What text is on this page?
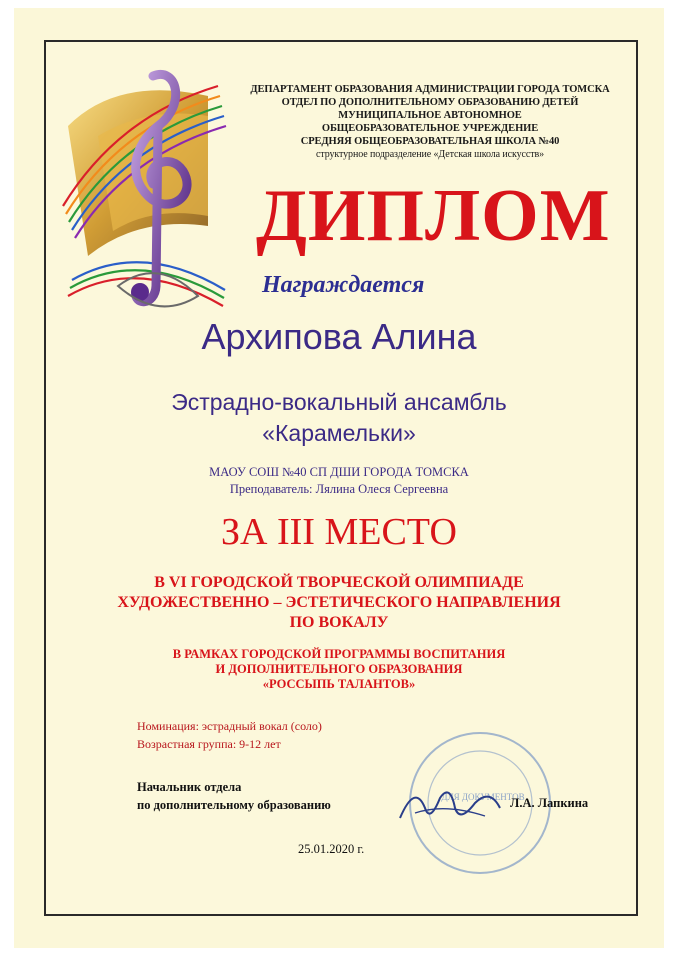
ДЕПАРТАМЕНТ ОБРАЗОВАНИЯ АДМИНИСТРАЦИИ ГОРОДА ТОМСКА
ОТДЕЛ ПО ДОПОЛНИТЕЛЬНОМУ ОБРАЗОВАНИЮ ДЕТЕЙ
МУНИЦИПАЛЬНОЕ АВТОНОМНОЕ
ОБЩЕОБРАЗОВАТЕЛЬНОЕ УЧРЕЖДЕНИЕ
СРЕДНЯЯ ОБЩЕОБРАЗОВАТЕЛЬНАЯ ШКОЛА №40
структурное подразделение «Детская школа искусств»
ДИПЛОМ
Награждается
Архипова Алина
Эстрадно-вокальный ансамбль
«Карамельки»
МАОУ СОШ №40 СП ДШИ ГОРОДА ТОМСКА
Преподаватель: Лялина Олеся Сергеевна
ЗА III МЕСТО
В VI ГОРОДСКОЙ ТВОРЧЕСКОЙ ОЛИМПИАДЕ
ХУДОЖЕСТВЕННО – ЭСТЕТИЧЕСКОГО НАПРАВЛЕНИЯ
ПО ВОКАЛУ
В РАМКАХ ГОРОДСКОЙ ПРОГРАММЫ ВОСПИТАНИЯ
И ДОПОЛНИТЕЛЬНОГО ОБРАЗОВАНИЯ
«РОССЫПЬ ТАЛАНТОВ»
Номинация: эстрадный вокал (соло)
Возрастная группа: 9-12 лет
Начальник отдела
по дополнительному образованию
ДЛЯ ДОКУМЕНТОВ
Л.А. Лапкина
25.01.2020 г.
